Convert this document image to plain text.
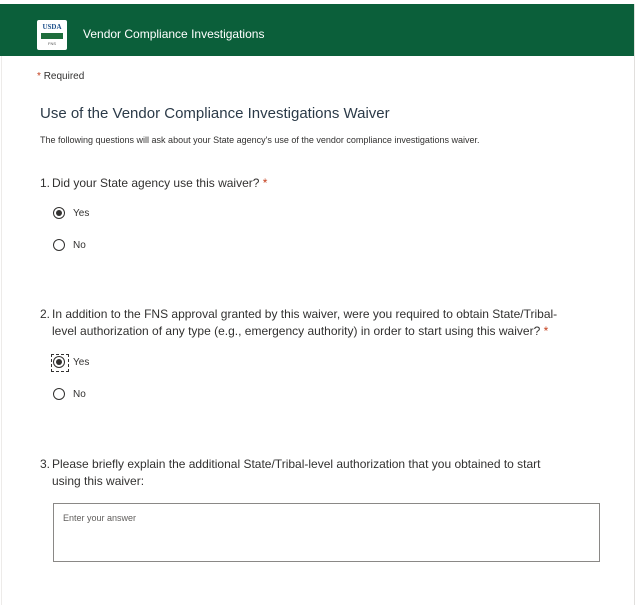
USDA
FNS
Vendor Compliance Investigations
* Required
Use of the Vendor Compliance Investigations Waiver
The following questions will ask about your State agency's use of the vendor compliance investigations waiver.
1. Did your State agency use this waiver? *
Yes
No
2. In addition to the FNS approval granted by this waiver, were you required to obtain State/Tribal-
level authorization of any type (e.g., emergency authority) in order to start using this waiver? *
Yes
No
3. Please briefly explain the additional State/Tribal-level authorization that you obtained to start
using this waiver:
Enter your answer
